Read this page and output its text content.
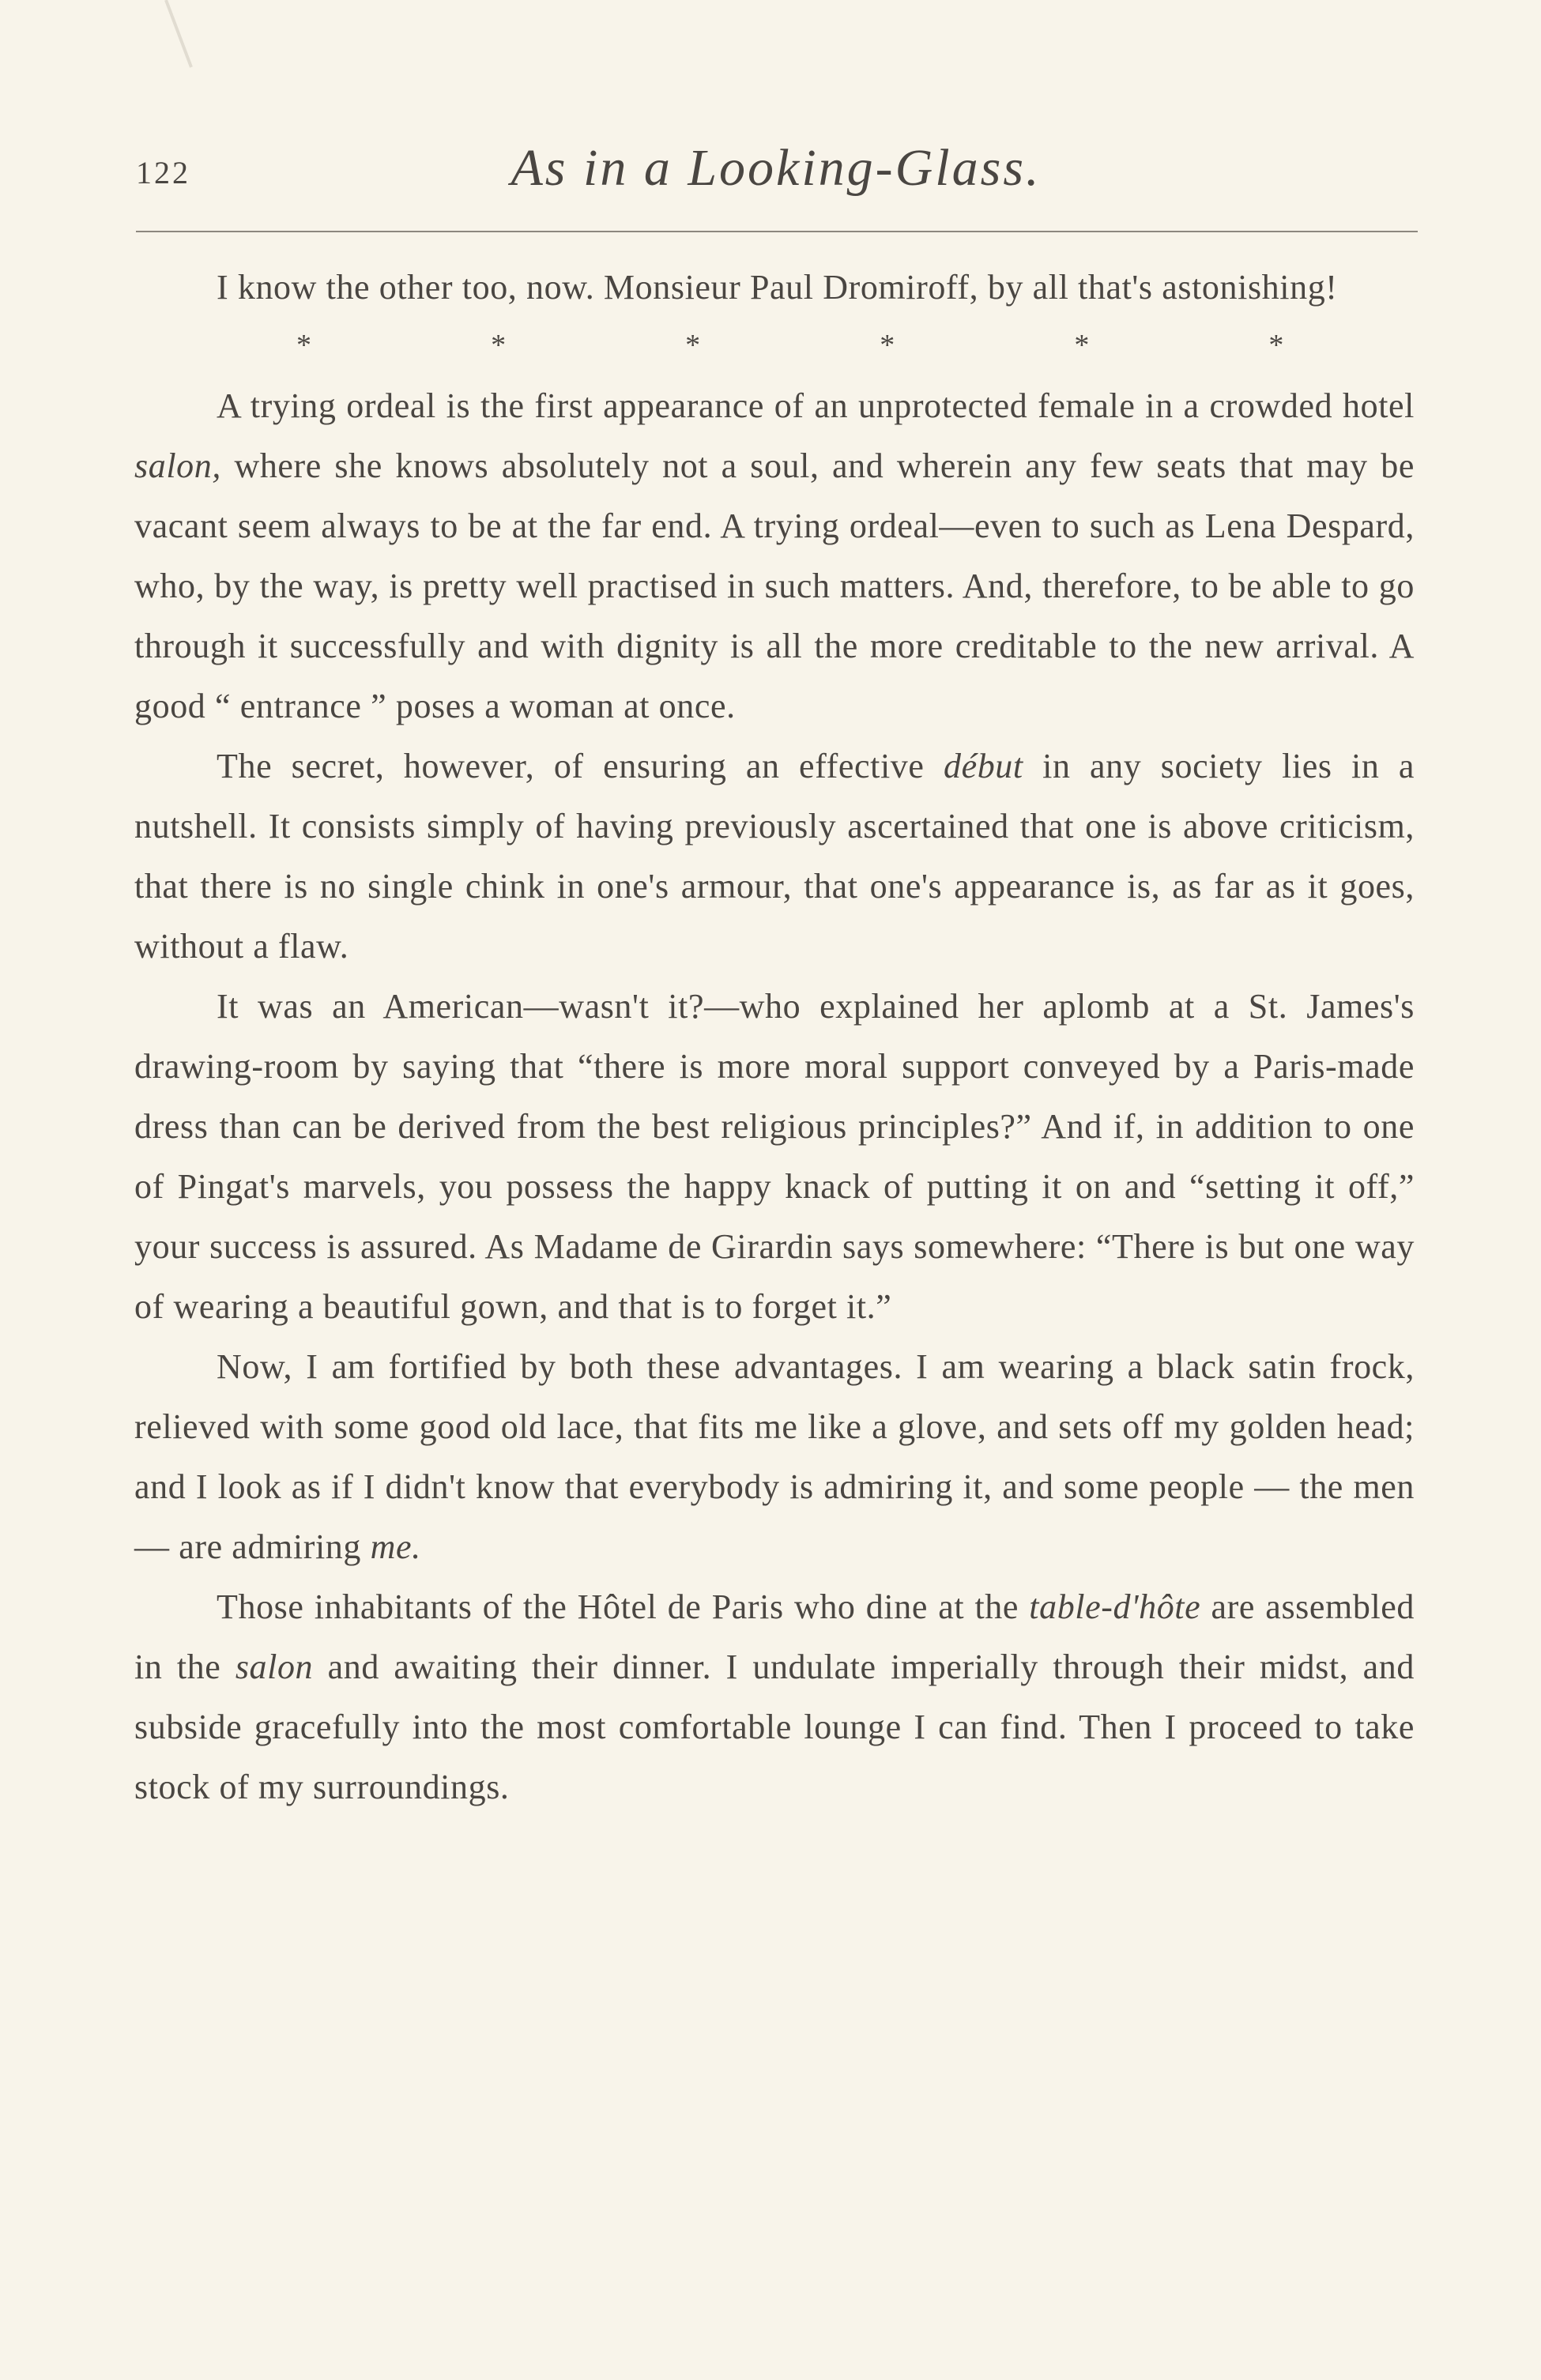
122	As in a Looking-Glass.

I know the other too, now. Monsieur Paul Dromiroff, by all that's astonishing!

*	*	*	*	*	*

A trying ordeal is the first appearance of an unprotected female in a crowded hotel salon, where she knows absolutely not a soul, and wherein any few seats that may be vacant seem always to be at the far end. A trying ordeal—even to such as Lena Despard, who, by the way, is pretty well practised in such matters. And, therefore, to be able to go through it successfully and with dignity is all the more creditable to the new arrival. A good “ entrance ” poses a woman at once.

The secret, however, of ensuring an effective début in any society lies in a nutshell. It consists simply of having previously ascertained that one is above criticism, that there is no single chink in one's armour, that one's appearance is, as far as it goes, without a flaw.

It was an American—wasn't it?—who explained her aplomb at a St. James's drawing-room by saying that “there is more moral support conveyed by a Paris-made dress than can be derived from the best religious principles?” And if, in addition to one of Pingat's marvels, you possess the happy knack of putting it on and “setting it off,” your success is assured. As Madame de Girardin says somewhere: “There is but one way of wearing a beautiful gown, and that is to forget it.”

Now, I am fortified by both these advantages. I am wearing a black satin frock, relieved with some good old lace, that fits me like a glove, and sets off my golden head; and I look as if I didn't know that everybody is admiring it, and some people — the men — are admiring me.

Those inhabitants of the Hôtel de Paris who dine at the table-d'hôte are assembled in the salon and awaiting their dinner. I undulate imperially through their midst, and subside gracefully into the most comfortable lounge I can find. Then I proceed to take stock of my surroundings.
